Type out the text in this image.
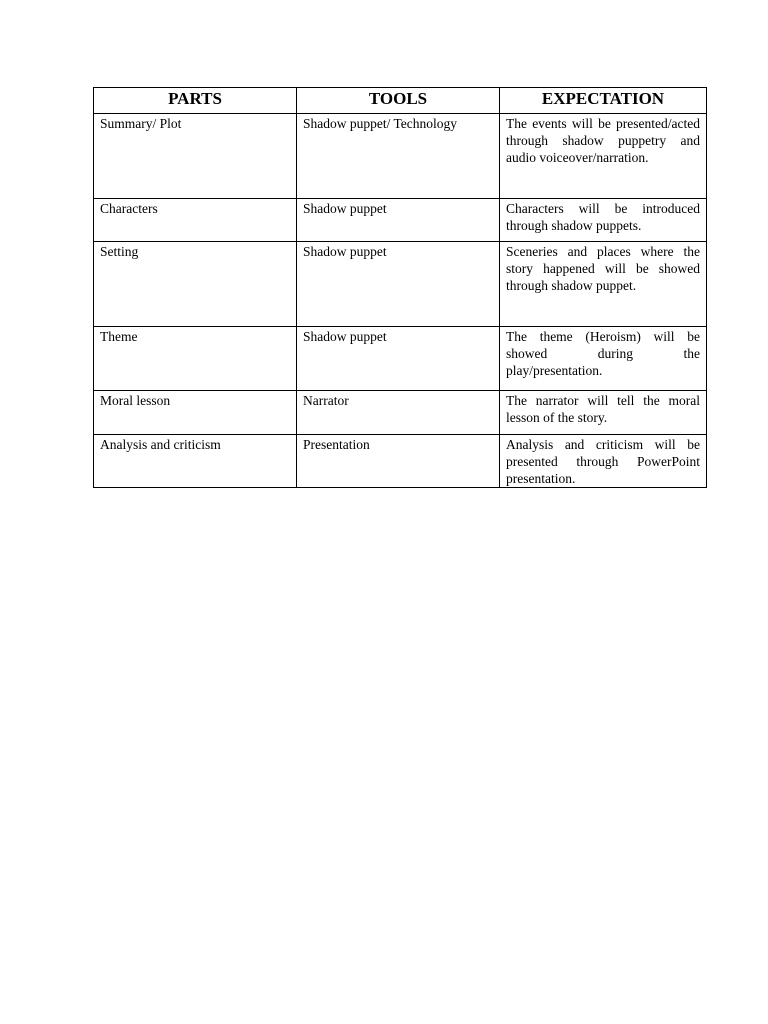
PARTS	TOOLS	EXPECTATION

Summary/ Plot	Shadow puppet/ Technology	The events will be presented/acted through shadow puppetry and audio voiceover/narration.

Characters	Shadow puppet	Characters will be introduced through shadow puppets.

Setting	Shadow puppet	Sceneries and places where the story happened will be showed through shadow puppet.

Theme	Shadow puppet	The theme (Heroism) will be showed during the play/presentation.

Moral lesson	Narrator	The narrator will tell the moral lesson of the story.

Analysis and criticism	Presentation	Analysis and criticism will be presented through PowerPoint presentation.
